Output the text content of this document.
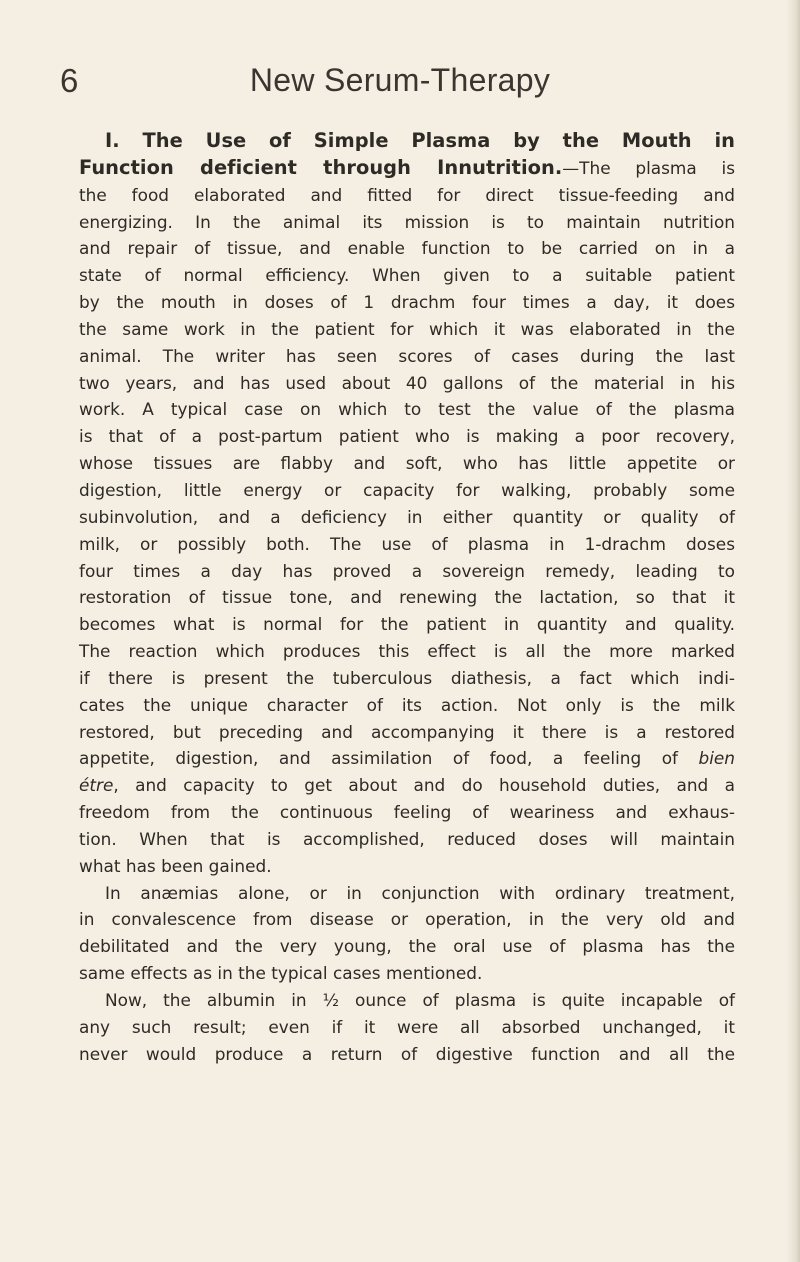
6	New Serum-Therapy

I. The Use of Simple Plasma by the Mouth in
Function deficient through Innutrition.—The plasma is
the food elaborated and fitted for direct tissue-feeding and
energizing. In the animal its mission is to maintain nutrition
and repair of tissue, and enable function to be carried on in a
state of normal efficiency. When given to a suitable patient
by the mouth in doses of 1 drachm four times a day, it does
the same work in the patient for which it was elaborated in the
animal. The writer has seen scores of cases during the last
two years, and has used about 40 gallons of the material in his
work. A typical case on which to test the value of the plasma
is that of a post-partum patient who is making a poor recovery,
whose tissues are flabby and soft, who has little appetite or
digestion, little energy or capacity for walking, probably some
subinvolution, and a deficiency in either quantity or quality of
milk, or possibly both. The use of plasma in 1-drachm doses
four times a day has proved a sovereign remedy, leading to
restoration of tissue tone, and renewing the lactation, so that it
becomes what is normal for the patient in quantity and quality.
The reaction which produces this effect is all the more marked
if there is present the tuberculous diathesis, a fact which indi-
cates the unique character of its action. Not only is the milk
restored, but preceding and accompanying it there is a restored
appetite, digestion, and assimilation of food, a feeling of bien
étre, and capacity to get about and do household duties, and a
freedom from the continuous feeling of weariness and exhaus-
tion. When that is accomplished, reduced doses will maintain
what has been gained.

In anæmias alone, or in conjunction with ordinary treatment,
in convalescence from disease or operation, in the very old and
debilitated and the very young, the oral use of plasma has the
same effects as in the typical cases mentioned.

Now, the albumin in ½ ounce of plasma is quite incapable of
any such result; even if it were all absorbed unchanged, it
never would produce a return of digestive function and all the
